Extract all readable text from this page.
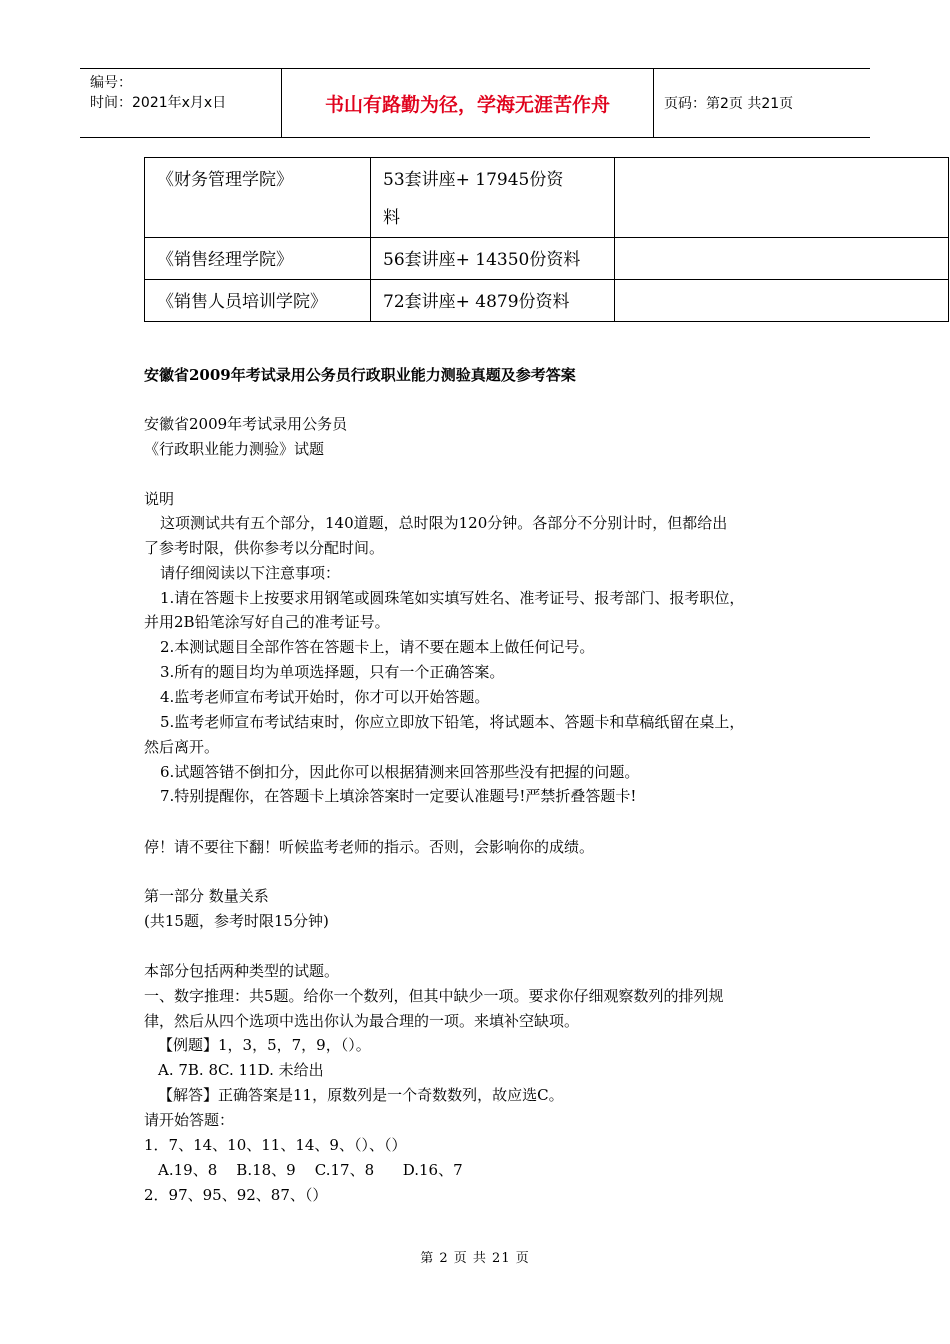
编号：
时间：2021年x月x日	书山有路勤为径，学海无涯苦作舟	页码：第2页 共21页
《财务管理学院》	53套讲座+ 17945份资
料	

《销售经理学院》	56套讲座+ 14350份资料	
《销售人员培训学院》	72套讲座+ 4879份资料	
安徽省2009年考试录用公务员行政职业能力测验真题及参考答案
安徽省2009年考试录用公务员
《行政职业能力测验》试题
说明
这项测试共有五个部分，140道题，总时限为120分钟。各部分不分别计时，但都给出
了参考时限，供你参考以分配时间。
请仔细阅读以下注意事项：
1.请在答题卡上按要求用钢笔或圆珠笔如实填写姓名、准考证号、报考部门、报考职位，
并用2B铅笔涂写好自己的准考证号。
2.本测试题目全部作答在答题卡上，请不要在题本上做任何记号。
3.所有的题目均为单项选择题，只有一个正确答案。
4.监考老师宣布考试开始时，你才可以开始答题。
5.监考老师宣布考试结束时，你应立即放下铅笔，将试题本、答题卡和草稿纸留在桌上，
然后离开。
6.试题答错不倒扣分，因此你可以根据猜测来回答那些没有把握的问题。
7.特别提醒你，在答题卡上填涂答案时一定要认准题号!严禁折叠答题卡!
停！请不要往下翻！听候监考老师的指示。否则，会影响你的成绩。
第一部分 数量关系
(共15题，参考时限15分钟)
本部分包括两种类型的试题。
一、数字推理：共5题。给你一个数列，但其中缺少一项。要求你仔细观察数列的排列规
律，然后从四个选项中选出你认为最合理的一项。来填补空缺项。
【例题】1，3，5，7，9，（）。
A. 7B. 8C. 11D. 未给出
【解答】正确答案是11，原数列是一个奇数数列，故应选C。
请开始答题：
1．7、14、10、11、14、9、（）、（）
A.19、8    B.18、9    C.17、8      D.16、7
2．97、95、92、87、（）
第 2 页 共 21 页
